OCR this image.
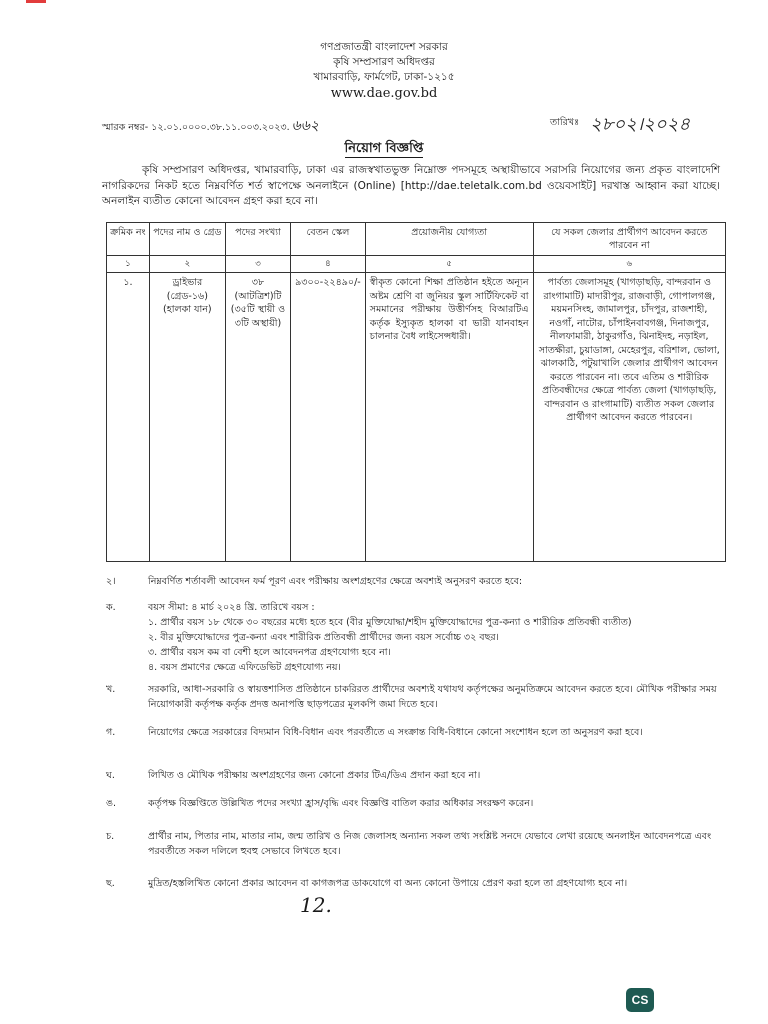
গণপ্রজাতন্ত্রী বাংলাদেশ সরকার
কৃষি সম্প্রসারণ অধিদপ্তর
খামারবাড়ি, ফার্মগেট, ঢাকা-১২১৫
www.dae.gov.bd
স্মারক নম্বর- ১২.০১.০০০০.৩৮.১১.০০৩.২০২৩. ৬৬২	তারিখঃ ২৮০২।২০২৪
নিয়োগ বিজ্ঞপ্তি
কৃষি সম্প্রসারণ অধিদপ্তর, খামারবাড়ি, ঢাকা এর রাজস্বখাতভুক্ত নিম্নোক্ত পদসমূহে অস্থায়ীভাবে সরাসরি নিয়োগের জন্য প্রকৃত বাংলাদেশি নাগরিকদের নিকট হতে নিম্নবর্ণিত শর্ত স্বাপেক্ষে অনলাইনে (Online) [http://dae.teletalk.com.bd ওয়েবসাইট] দরখাস্ত আহ্বান করা যাচ্ছে। অনলাইন ব্যতীত কোনো আবেদন গ্রহণ করা হবে না।
ক্রমিক নং	পদের নাম ও গ্রেড	পদের সংখ্যা	বেতন স্কেল	প্রয়োজনীয় যোগ্যতা	যে সকল জেলার প্রার্থীগণ আবেদন করতে পারবেন না
১	২	৩	৪	৫	৬
১.	ড্রাইভার (গ্রেড-১৬) (হালকা যান)	৩৮ (আটত্রিশ)টি (৩৫টি স্থায়ী ও ৩টি অস্থায়ী)	৯৩০০-২২৪৯০/-	স্বীকৃত কোনো শিক্ষা প্রতিষ্ঠান হইতে অন্যূন অষ্টম শ্রেণি বা জুনিয়র স্কুল সার্টিফিকেট বা সমমানের পরীক্ষায় উত্তীর্ণসহ বিআরটিএ কর্তৃক ইস্যুকৃত হালকা বা ভারী যানবাহন চালনার বৈধ লাইসেন্সধারী।	পার্বত্য জেলাসমূহ (খাগড়াছড়ি, বান্দরবান ও রাংগামাটি) মাদারীপুর, রাজবাড়ী, গোপালগঞ্জ, ময়মনসিংহ, জামালপুর, চাঁদপুর, রাজশাহী, নওগাঁ, নাটোর, চাঁপাইনবাবগঞ্জ, দিনাজপুর, নীলফামারী, ঠাকুরগাঁও, ঝিনাইদহ, নড়াইল, সাতক্ষীরা, চুয়াডাঙ্গা, মেহেরপুর, বরিশাল, ভোলা, ঝালকাঠি, পটুয়াখালি জেলার প্রার্থীগণ আবেদন করতে পারবেন না। তবে এতিম ও শারীরিক প্রতিবন্ধীদের ক্ষেত্রে পার্বত্য জেলা (খাগড়াছড়ি, বান্দরবান ও রাংগামাটি) ব্যতীত সকল জেলার প্রার্থীগণ আবেদন করতে পারবেন।
২।	নিম্নবর্ণিত শর্তাবলী আবেদন ফর্ম পূরণ এবং পরীক্ষায় অংশগ্রহণের ক্ষেত্রে অবশ্যই অনুসরণ করতে হবে:
ক.	বয়স সীমা: ৪ মার্চ ২০২৪ খ্রি. তারিখে বয়স :
১. প্রার্থীর বয়স ১৮ থেকে ৩০ বছরের মধ্যে হতে হবে (বীর মুক্তিযোদ্ধা/শহীদ মুক্তিযোদ্ধাদের পুত্র-কন্যা ও শারীরিক প্রতিবন্ধী ব্যতীত)
২. বীর মুক্তিযোদ্ধাদের পুত্র-কন্যা এবং শারীরিক প্রতিবন্ধী প্রার্থীদের জন্য বয়স সর্বোচ্চ ৩২ বছর।
৩. প্রার্থীর বয়স কম বা বেশী হলে আবেদনপত্র গ্রহণযোগ্য হবে না।
৪. বয়স প্রমাণের ক্ষেত্রে এফিডেভিট গ্রহণযোগ্য নয়।
খ.	সরকারি, আধা-সরকারি ও স্বায়ত্তশাসিত প্রতিষ্ঠানে চাকরিরত প্রার্থীদের অবশ্যই যথাযথ কর্তৃপক্ষের অনুমতিক্রমে আবেদন করতে হবে। মৌখিক পরীক্ষার সময় নিয়োগকারী কর্তৃপক্ষ কর্তৃক প্রদত্ত অনাপত্তি ছাড়পত্রের মূলকপি জমা দিতে হবে।
গ.	নিয়োগের ক্ষেত্রে সরকারের বিদ্যমান বিধি-বিধান এবং পরবর্তীতে এ সংক্রান্ত বিধি-বিধানে কোনো সংশোধন হলে তা অনুসরণ করা হবে।
ঘ.	লিখিত ও মৌখিক পরীক্ষায় অংশগ্রহণের জন্য কোনো প্রকার টিএ/ডিএ প্রদান করা হবে না।
ঙ.	কর্তৃপক্ষ বিজ্ঞপ্তিতে উল্লিখিত পদের সংখ্যা হ্রাস/বৃদ্ধি এবং বিজ্ঞপ্তি বাতিল করার অধিকার সংরক্ষণ করেন।
চ.	প্রার্থীর নাম, পিতার নাম, মাতার নাম, জন্ম তারিখ ও নিজ জেলাসহ অন্যান্য সকল তথ্য সংশ্লিষ্ট সনদে যেভাবে লেখা রয়েছে অনলাইন আবেদনপত্রে এবং পরবর্তীতে সকল দলিলে হুবহু সেভাবে লিখতে হবে।
ছ.	মুদ্রিত/হস্তলিখিত কোনো প্রকার আবেদন বা কাগজপত্র ডাকযোগে বা অন্য কোনো উপায়ে প্রেরণ করা হলে তা গ্রহণযোগ্য হবে না।
12.
CS
